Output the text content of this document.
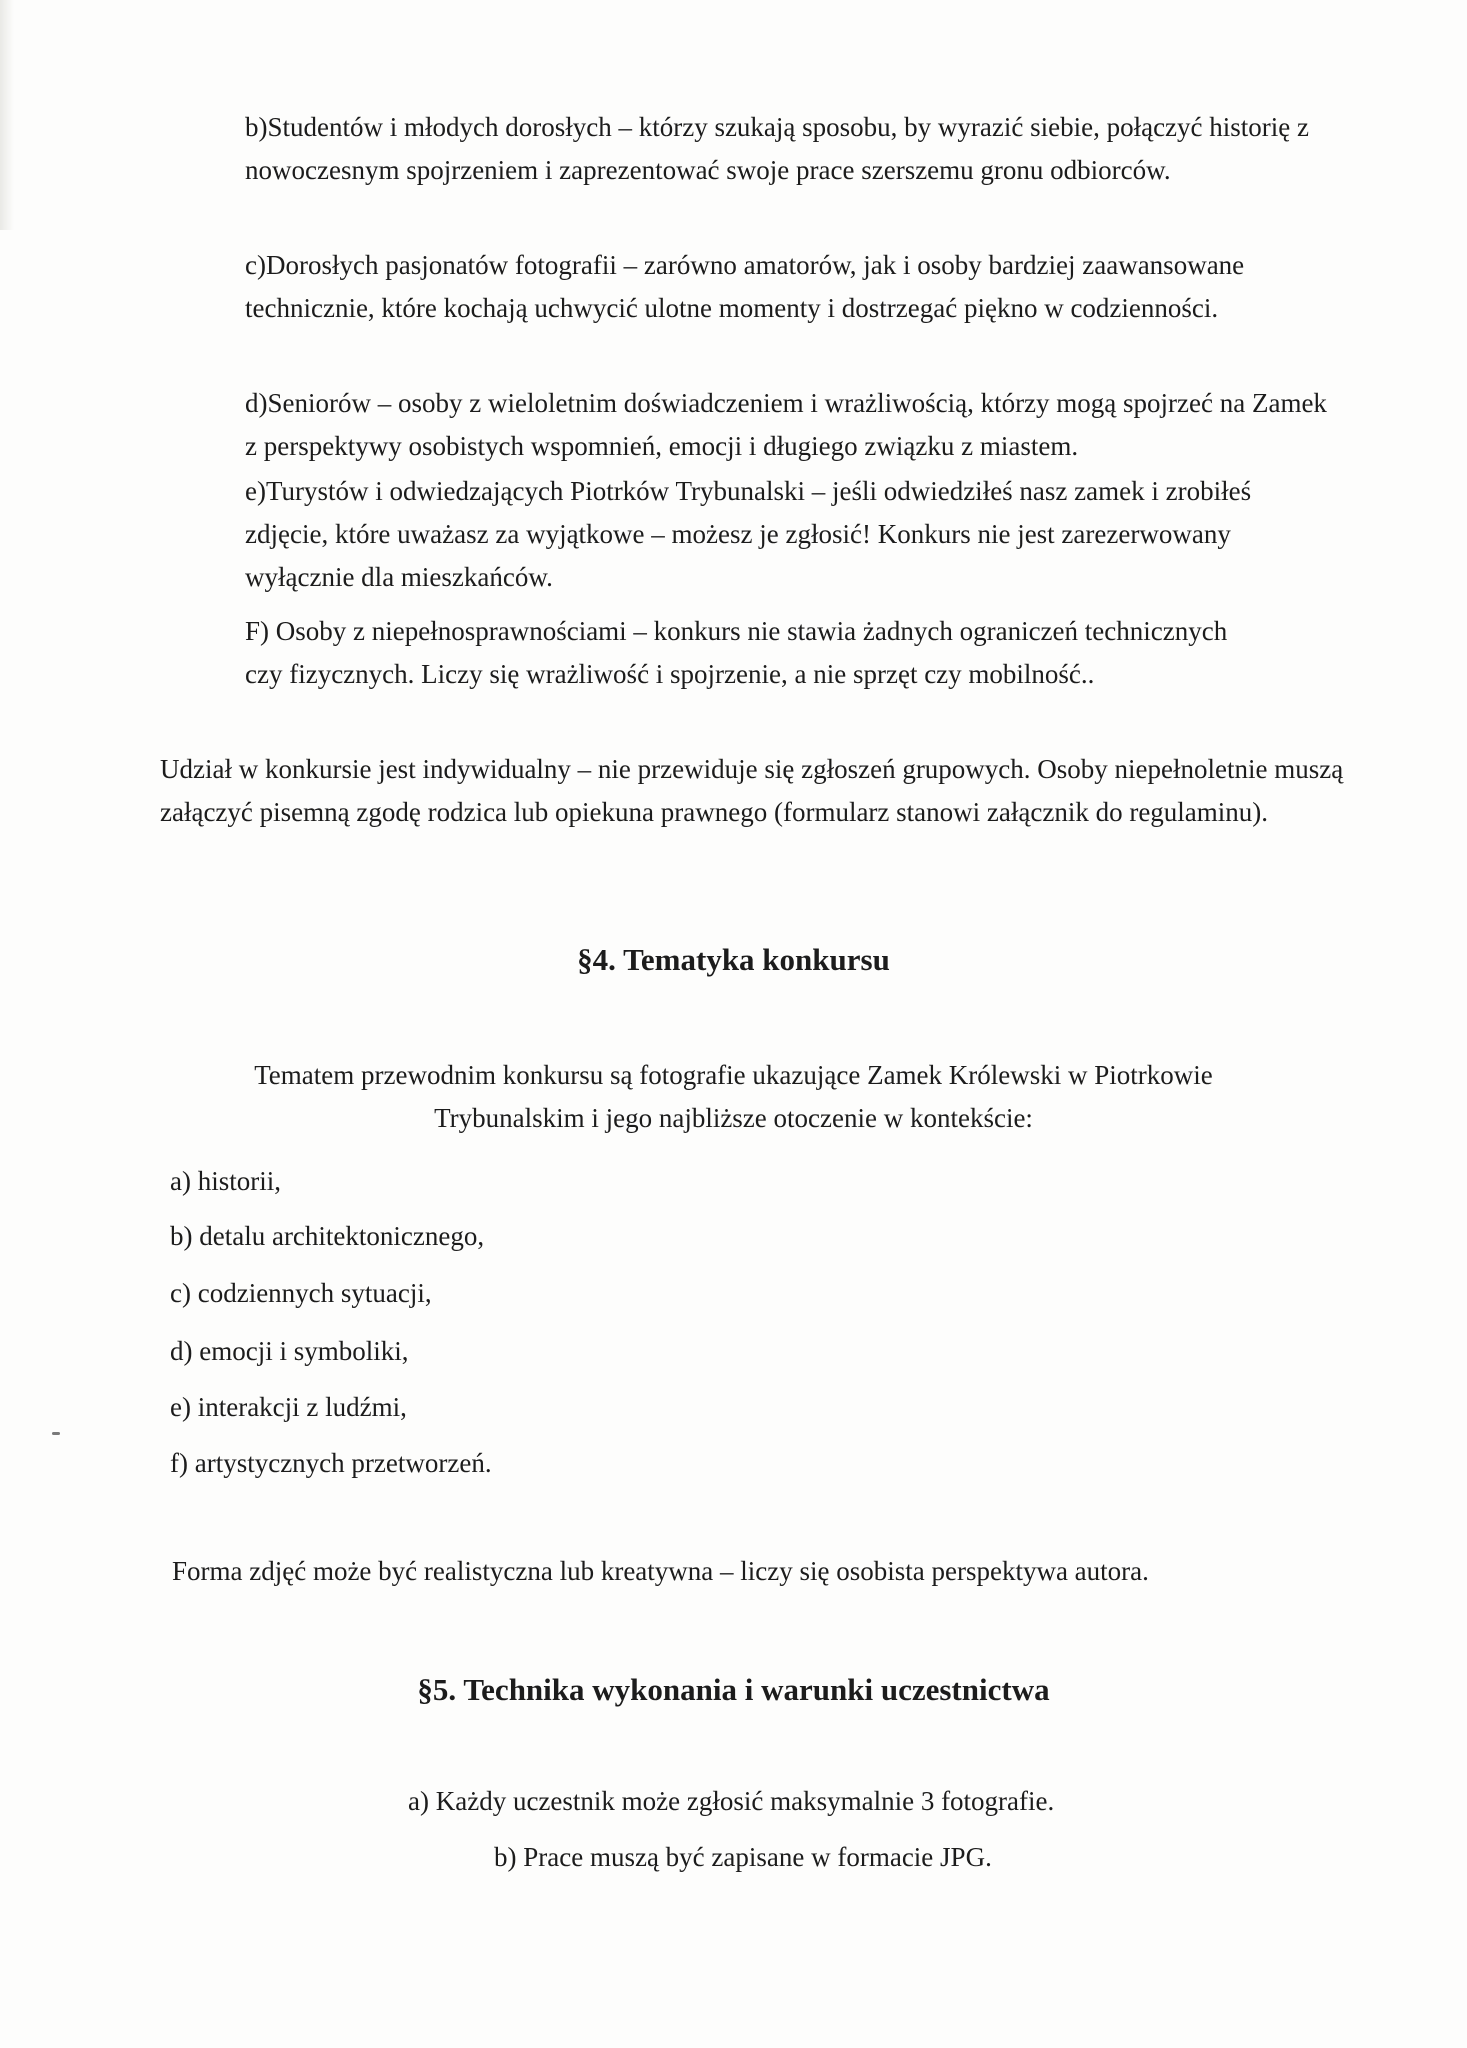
b)Studentów i młodych dorosłych – którzy szukają sposobu, by wyrazić siebie, połączyć historię z nowoczesnym spojrzeniem i zaprezentować swoje prace szerszemu gronu odbiorców.

c)Dorosłych pasjonatów fotografii – zarówno amatorów, jak i osoby bardziej zaawansowane technicznie, które kochają uchwycić ulotne momenty i dostrzegać piękno w codzienności.

d)Seniorów – osoby z wieloletnim doświadczeniem i wrażliwością, którzy mogą spojrzeć na Zamek z perspektywy osobistych wspomnień, emocji i długiego związku z miastem.

e)Turystów i odwiedzających Piotrków Trybunalski – jeśli odwiedziłeś nasz zamek i zrobiłeś zdjęcie, które uważasz za wyjątkowe – możesz je zgłosić! Konkurs nie jest zarezerwowany wyłącznie dla mieszkańców.

F) Osoby z niepełnosprawnościami – konkurs nie stawia żadnych ograniczeń technicznych czy fizycznych. Liczy się wrażliwość i spojrzenie, a nie sprzęt czy mobilność..

Udział w konkursie jest indywidualny – nie przewiduje się zgłoszeń grupowych. Osoby niepełnoletnie muszą załączyć pisemną zgodę rodzica lub opiekuna prawnego (formularz stanowi załącznik do regulaminu).

§4. Tematyka konkursu
Tematem przewodnim konkursu są fotografie ukazujące Zamek Królewski w Piotrkowie
Trybunalskim i jego najbliższe otoczenie w kontekście:

a) historii,

b) detalu architektonicznego,

c) codziennych sytuacji,

d) emocji i symboliki,

e) interakcji z ludźmi,

f) artystycznych przetworzeń.

Forma zdjęć może być realistyczna lub kreatywna – liczy się osobista perspektywa autora.

§5. Technika wykonania i warunki uczestnictwa

a) Każdy uczestnik może zgłosić maksymalnie 3 fotografie.

b) Prace muszą być zapisane w formacie JPG.
